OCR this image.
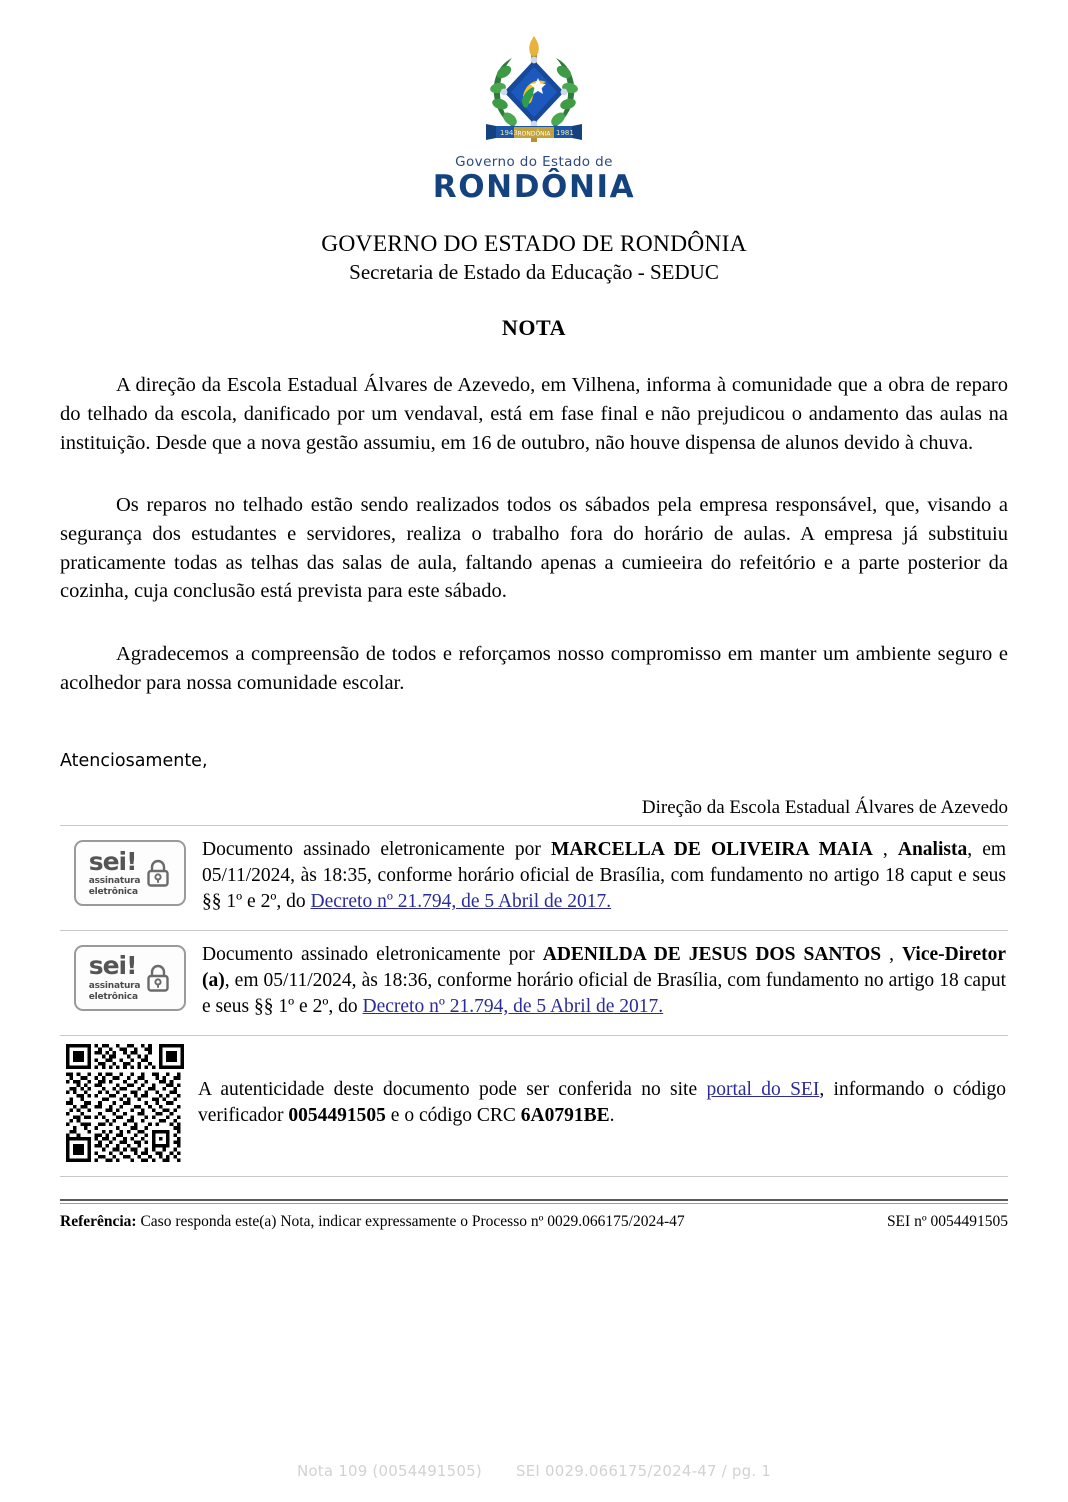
1943	1981
RONDÔNIA
Governo do Estado de
RONDÔNIA
GOVERNO DO ESTADO DE RONDÔNIA
Secretaria de Estado da Educação - SEDUC
NOTA

A direção da Escola Estadual Álvares de Azevedo, em Vilhena, informa à comunidade que a obra de reparo do telhado da escola, danificado por um vendaval, está em fase final e não prejudicou o andamento das aulas na instituição. Desde que a nova gestão assumiu, em 16 de outubro, não houve dispensa de alunos devido à chuva.

Os reparos no telhado estão sendo realizados todos os sábados pela empresa responsável, que, visando a segurança dos estudantes e servidores, realiza o trabalho fora do horário de aulas. A empresa já substituiu praticamente todas as telhas das salas de aula, faltando apenas a cumieeira do refeitório e a parte posterior da cozinha, cuja conclusão está prevista para este sábado.

Agradecemos a compreensão de todos e reforçamos nosso compromisso em manter um ambiente seguro e acolhedor para nossa comunidade escolar.

Atenciosamente,
Direção da Escola Estadual Álvares de Azevedo
sei!
assinatura
eletrônica
Documento assinado eletronicamente por MARCELLA DE OLIVEIRA MAIA , Analista, em 05/11/2024, às 18:35, conforme horário oficial de Brasília, com fundamento no artigo 18 caput e seus §§ 1º e 2º, do Decreto nº 21.794, de 5 Abril de 2017.
sei!
assinatura
eletrônica
Documento assinado eletronicamente por ADENILDA DE JESUS DOS SANTOS , Vice-Diretor (a), em 05/11/2024, às 18:36, conforme horário oficial de Brasília, com fundamento no artigo 18 caput e seus §§ 1º e 2º, do Decreto nº 21.794, de 5 Abril de 2017.
A autenticidade deste documento pode ser conferida no site portal do SEI, informando o código verificador 0054491505 e o código CRC 6A0791BE.
Referência: Caso responda este(a) Nota, indicar expressamente o Processo nº 0029.066175/2024-47	SEI nº 0054491505
Nota 109 (0054491505) SEI 0029.066175/2024-47 / pg. 1
